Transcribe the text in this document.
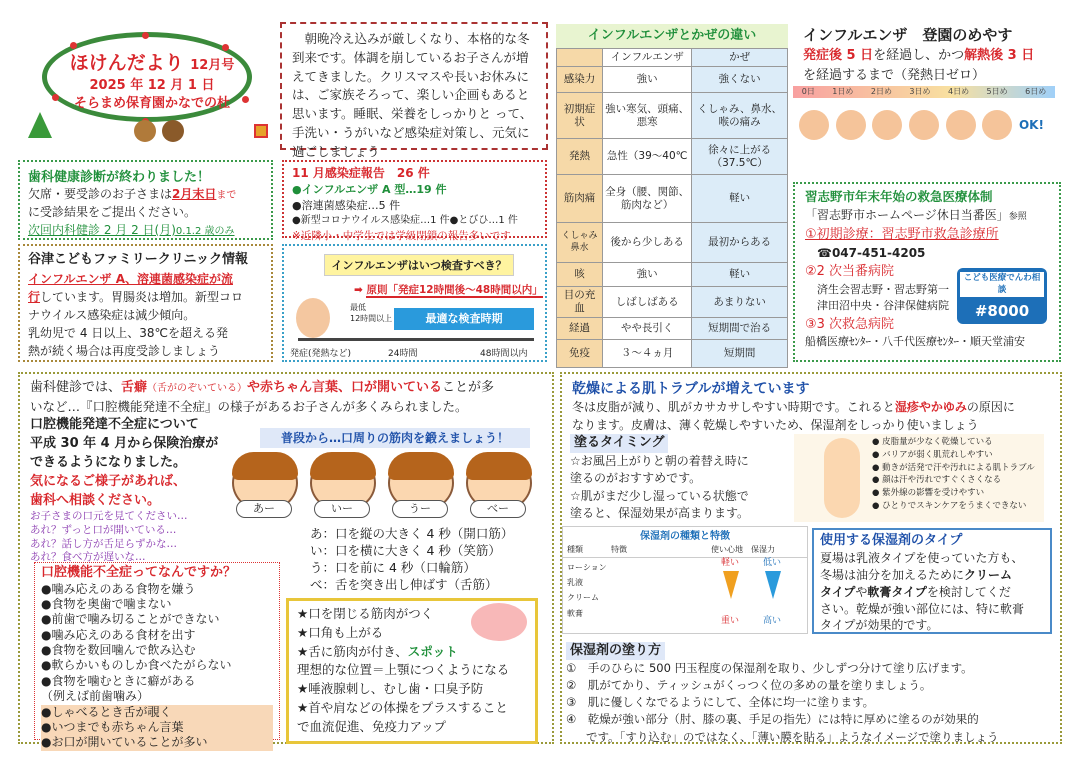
ほけんだより 12月号
2025 年 12 月 1 日
そらまめ保育園かなでの杜
朝晩冷え込みが厳しくなり、本格的な冬到来です。体調を崩しているお子さんが増えてきました。クリスマスや長いお休みには、ご家族そろって、楽しい企画もあると思います。睡眠、栄養をしっかりと って、手洗い・うがいなど感染症対策し、元気に過ごしましょう
歯科健康診断が終わりました！
欠席・要受診のお子さまは2月末日まで
に受診結果をご提出ください。
次回内科健診 2 月 2 日(月)0.1.2 歳のみ
谷津こどもファミリークリニック情報
インフルエンザ A、溶連菌感染症が流
行しています。胃腸炎は増加。新型コロ
ナウイルス感染症は減少傾向。
乳幼児で 4 日以上、38℃を超える発
熱が続く場合は再度受診しましょう
11 月感染症報告　26 件
●インフルエンザ A 型…19 件
●溶連菌感染症…5 件
●新型コロナウイルス感染症…1 件●とびひ…1 件
※近隣小・中学生では学級閉鎖の報告多いです
インフルエンザはいつ検査すべき？
➡ 原則「発症12時間後〜48時間以内」
最低
12時間以上	最適な検査時期
発症(発熱など)	24時間	48時間以内
インフルエンザとかぜの違い
	インフルエンザ	かぜ
感染力	強い	強くない
初期症状	強い寒気、頭痛、悪寒	くしゃみ、鼻水、喉の痛み
発熱	急性（39〜40℃	徐々に上がる（37.5℃）
筋肉痛	全身（腰、関節、筋肉など）	軽い
くしゃみ鼻水	後から少しある	最初からある
咳	強い	軽い
目の充血	しばしばある	あまりない
経過	やや長引く	短期間で治る
免疫	３〜４ヵ月	短期間
インフルエンザ　登園のめやす
発症後 5 日を経過し、かつ解熱後 3 日
を経過するまで（発熱日ゼロ）
0日 1日め 2日め 3日め 4日め 5日め 6日め
OK!
習志野市年末年始の救急医療体制
「習志野市ホームページ休日当番医」参照
①初期診療：習志野市救急診療所
☎047-451-4205
②2 次当番病院
済生会習志野・習志野第一
津田沼中央・谷津保健病院
③3 次救急病院
船橋医療ｾﾝﾀｰ・八千代医療ｾﾝﾀｰ・順天堂浦安
こども医療でんわ相談
#8000
歯科健診では、舌癖（舌がのぞいている）や赤ちゃん言葉、口が開いていることが多
いなど…『口腔機能発達不全症』の様子があるお子さんが多くみられました。
口腔機能発達不全症について
平成 30 年 4 月から保険治療が
できるようになりました。
気になるご様子があれば、
歯科へ相談ください。
お子さまの口元を見てください…
あれ？ずっと口が開いている…
あれ？話し方が舌足らずかな…
あれ？食べ方が遅いな…
普段から…口周りの筋肉を鍛えましょう！
あー	いー	うー	べー
あ：口を縦の大きく 4 秒（開口筋）
い：口を横に大きく 4 秒（笑筋）
う：口を前に 4 秒（口輪筋）
べ：舌を突き出し伸ばす（舌筋）
口腔機能不全症ってなんですか？
●噛み応えのある食物を嫌う
●食物を奥歯で噛まない
●前歯で噛み切ることができない
●噛み応えのある食材を出す
●食物を数回噛んで飲み込む
●軟らかいものしか食べたがらない
●食物を噛むときに癖がある
（例えば前歯噛み）
●しゃべるとき舌が覗く
●いつまでも赤ちゃん言葉
●お口が開いていることが多い
★口を閉じる筋肉がつく
★口角も上がる
★舌に筋肉が付き、スポット
理想的な位置＝上顎につくようになる
★唾液腺刺し、むし歯・口臭予防
★首や肩などの体操をプラスすること
で血流促進、免疫力アップ
乾燥による肌トラブルが増えています
冬は皮脂が減り、肌がカサカサしやすい時期です。これると湿疹やかゆみの原因に
なります。皮膚は、薄く乾燥しやすいため、保湿剤をしっかり使いましょう
塗るタイミング
☆お風呂上がりと朝の着替え時に
塗るのがおすすめです。
☆肌がまだ少し湿っている状態で
塗ると、保湿効果が高まります。
● 皮脂量が少なく乾燥している
● バリアが弱く肌荒れしやすい
● 動きが活発で汗や汚れによる肌トラブル
● 顔は汗や汚れですぐくさくなる
● 紫外線の影響を受けやすい
● ひとりでスキンケアをうまくできない
保湿剤の種類と特徴
種類	特徴	使い心地	保湿力
ローション
乳液
クリーム
軟膏
軽い	低い
重い	高い
使用する保湿剤のタイプ
夏場は乳液タイプを使っていた方も、
冬場は油分を加えるためにクリーム
タイプや軟膏タイプを検討してくだ
さい。乾燥が強い部位には、特に軟膏
タイプが効果的です。
保湿剤の塗り方
①　手のひらに 500 円玉程度の保湿剤を取り、少しずつ分けて塗り広げます。
②　肌がてかり、ティッシュがくっつく位の多めの量を塗りましょう。
③　肌に優しくなでるようにして、全体に均一に塗ります。
④　乾燥が強い部分（肘、膝の裏、手足の指先）には特に厚めに塗るのが効果的
です。「すり込む」のではなく、「薄い膜を貼る」ようなイメージで塗りましょう
